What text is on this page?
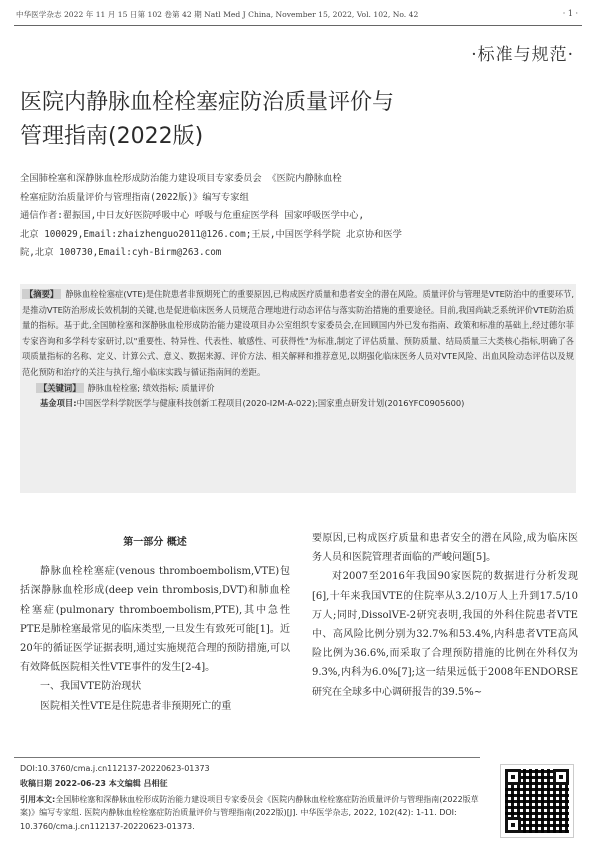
中华医学杂志 2022 年 11 月 15 日第 102 卷第 42 期 Natl Med J China, November 15, 2022, Vol. 102, No. 42	· 1 ·
·标准与规范·
医院内静脉血栓栓塞症防治质量评价与
管理指南(2022版)
全国肺栓塞和深静脉血栓形成防治能力建设项目专家委员会 《医院内静脉血栓
栓塞症防治质量评价与管理指南(2022版)》编写专家组
通信作者:翟振国,中日友好医院呼吸中心 呼吸与危重症医学科 国家呼吸医学中心,
北京 100029,Email:zhaizhenguo2011@126.com;王辰,中国医学科学院 北京协和医学
院,北京 100730,Email:cyh-Birm@263.com
【摘要】 静脉血栓栓塞症(VTE)是住院患者非预期死亡的重要原因,已构成医疗质量和患者安全的潜在风险。质量评价与管理是VTE防治中的重要环节,是推动VTE防治形成长效机制的关键,也是促进临床医务人员规范合理地进行动态评估与落实防治措施的重要途径。目前,我国尚缺乏系统评价VTE防治质量的指标。基于此,全国肺栓塞和深静脉血栓形成防治能力建设项目办公室组织专家委员会,在回顾国内外已发布指南、政策和标准的基础上,经过德尔菲专家咨询和多学科专家研讨,以"重要性、特异性、代表性、敏感性、可获得性"为标准,制定了评估质量、预防质量、结局质量三大类核心指标,明确了各项质量指标的名称、定义、计算公式、意义、数据来源、评价方法、相关解释和推荐意见,以期强化临床医务人员对VTE风险、出血风险动态评估以及规范化预防和治疗的关注与执行,缩小临床实践与循证指南间的差距。
【关键词】 静脉血栓栓塞; 绩效指标; 质量评价
基金项目:中国医学科学院医学与健康科技创新工程项目(2020-I2M-A-022);国家重点研发计划(2016YFC0905600)
第一部分 概述
静脉血栓栓塞症(venous thromboembolism,VTE)包括深静脉血栓形成(deep vein thrombosis,DVT)和肺血栓栓塞症(pulmonary thromboembolism,PTE),其中急性PTE是肺栓塞最常见的临床类型,一旦发生有致死可能[1]。近20年的循证医学证据表明,通过实施规范合理的预防措施,可以有效降低医院相关性VTE事件的发生[2-4]。
一、我国VTE防治现状
医院相关性VTE是住院患者非预期死亡的重
要原因,已构成医疗质量和患者安全的潜在风险,成为临床医务人员和医院管理者面临的严峻问题[5]。
对2007至2016年我国90家医院的数据进行分析发现[6],十年来我国VTE的住院率从3.2/10万人上升到17.5/10万人;同时,DissolVE-2研究表明,我国的外科住院患者VTE中、高风险比例分别为32.7%和53.4%,内科患者VTE高风险比例为36.6%,而采取了合理预防措施的比例在外科仅为9.3%,内科为6.0%[7];这一结果远低于2008年ENDORSE研究在全球多中心调研报告的39.5%~
DOI:10.3760/cma.j.cn112137-20220623-01373
收稿日期 2022-06-23 本文编辑 吕相征
引用本文:全国肺栓塞和深静脉血栓形成防治能力建设项目专家委员会《医院内静脉血栓栓塞症防治质量评价与管理指南(2022版草案)》编写专家组. 医院内静脉血栓栓塞症防治质量评价与管理指南(2022版)[J]. 中华医学杂志, 2022, 102(42): 1-11. DOI: 10.3760/cma.j.cn112137-20220623-01373.
